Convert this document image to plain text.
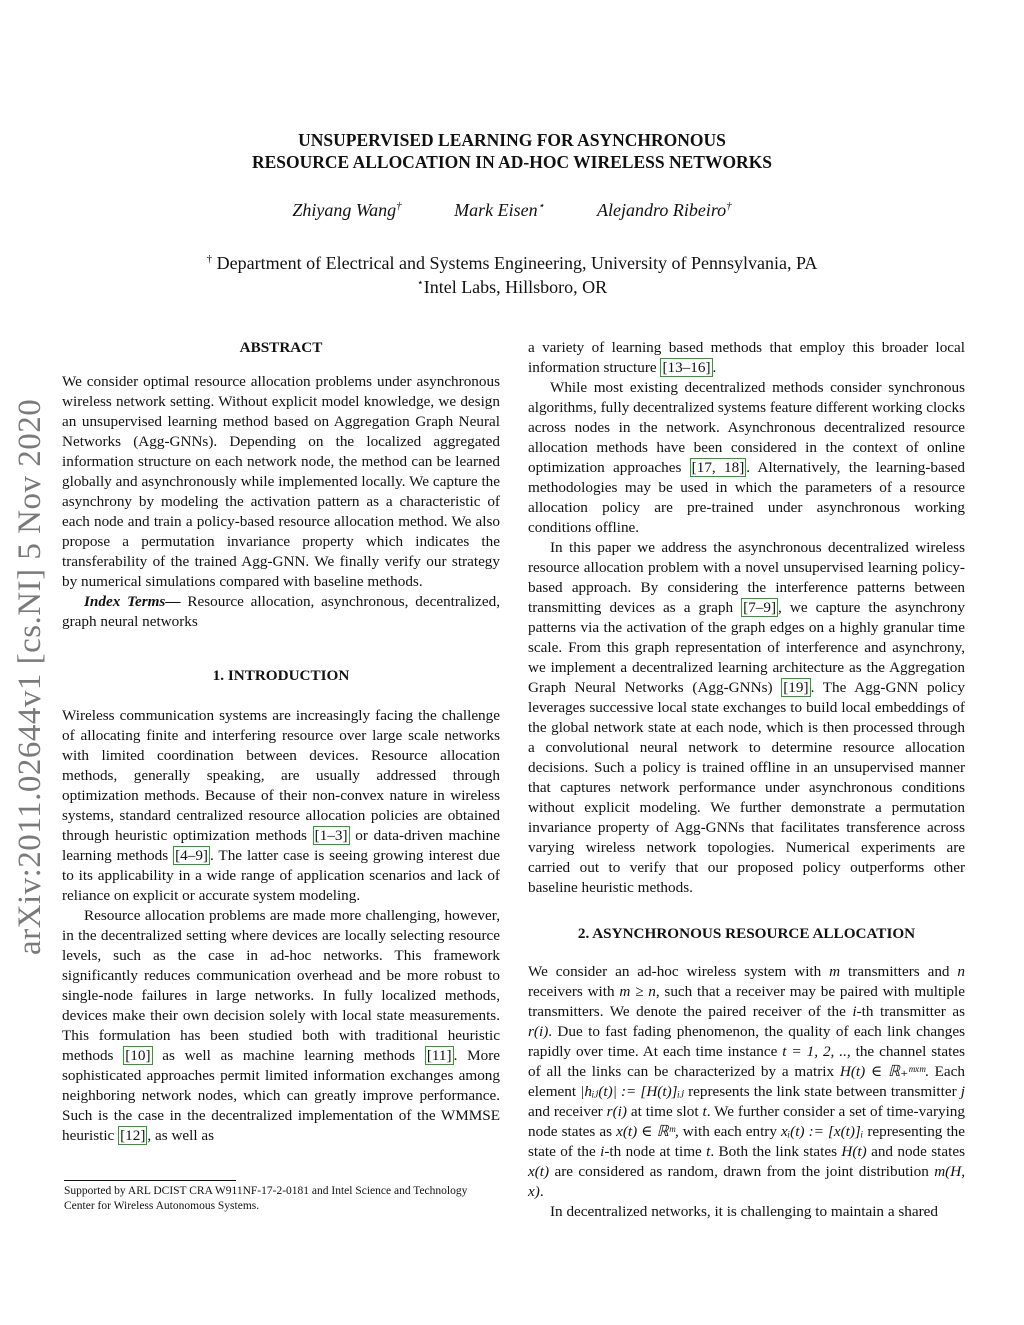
UNSUPERVISED LEARNING FOR ASYNCHRONOUS
RESOURCE ALLOCATION IN AD-HOC WIRELESS NETWORKS
Zhiyang Wang†	Mark Eisen⋆	Alejandro Ribeiro†
† Department of Electrical and Systems Engineering, University of Pennsylvania, PA
⋆Intel Labs, Hillsboro, OR
arXiv:2011.02644v1 [cs.NI] 5 Nov 2020

ABSTRACT

We consider optimal resource allocation problems under asynchronous wireless network setting. Without explicit model knowledge, we design an unsupervised learning method based on Aggregation Graph Neural Networks (Agg-GNNs). Depending on the localized aggregated information structure on each network node, the method can be learned globally and asynchronously while implemented locally. We capture the asynchrony by modeling the activation pattern as a characteristic of each node and train a policy-based resource allocation method. We also propose a permutation invariance property which indicates the transferability of the trained Agg-GNN. We finally verify our strategy by numerical simulations compared with baseline methods.

Index Terms— Resource allocation, asynchronous, decentralized, graph neural networks

1. INTRODUCTION

Wireless communication systems are increasingly facing the challenge of allocating finite and interfering resource over large scale networks with limited coordination between devices. Resource allocation methods, generally speaking, are usually addressed through optimization methods. Because of their non-convex nature in wireless systems, standard centralized resource allocation policies are obtained through heuristic optimization methods [1–3] or data-driven machine learning methods [4–9] . The latter case is seeing growing interest due to its applicability in a wide range of application scenarios and lack of reliance on explicit or accurate system modeling.

Resource allocation problems are made more challenging, however, in the decentralized setting where devices are locally selecting resource levels, such as the case in ad-hoc networks. This framework significantly reduces communication overhead and be more robust to single-node failures in large networks. In fully localized methods, devices make their own decision solely with local state measurements. This formulation has been studied both with traditional heuristic methods [10] as well as machine learning methods [11] . More sophisticated approaches permit limited information exchanges among neighboring network nodes, which can greatly improve performance. Such is the case in the decentralized implementation of the WMMSE heuristic [12] , as well as

Supported by ARL DCIST CRA W911NF-17-2-0181 and Intel Science and Technology Center for Wireless Autonomous Systems.

a variety of learning based methods that employ this broader local information structure [13–16] .

While most existing decentralized methods consider synchronous algorithms, fully decentralized systems feature different working clocks across nodes in the network. Asynchronous decentralized resource allocation methods have been considered in the context of online optimization approaches [17, 18] . Alternatively, the learning-based methodologies may be used in which the parameters of a resource allocation policy are pre-trained under asynchronous working conditions offline.

In this paper we address the asynchronous decentralized wireless resource allocation problem with a novel unsupervised learning policy-based approach. By considering the interference patterns between transmitting devices as a graph [7–9] , we capture the asynchrony patterns via the activation of the graph edges on a highly granular time scale. From this graph representation of interference and asynchrony, we implement a decentralized learning architecture as the Aggregation Graph Neural Networks (Agg-GNNs) [19] . The Agg-GNN policy leverages successive local state exchanges to build local embeddings of the global network state at each node, which is then processed through a convolutional neural network to determine resource allocation decisions. Such a policy is trained offline in an unsupervised manner that captures network performance under asynchronous conditions without explicit modeling. We further demonstrate a permutation invariance property of Agg-GNNs that facilitates transference across varying wireless network topologies. Numerical experiments are carried out to verify that our proposed policy outperforms other baseline heuristic methods.

2. ASYNCHRONOUS RESOURCE ALLOCATION

We consider an ad-hoc wireless system with m transmitters and n receivers with m ≥ n, such that a receiver may be paired with multiple transmitters. We denote the paired receiver of the i-th transmitter as r(i). Due to fast fading phenomenon, the quality of each link changes rapidly over time. At each time instance t = 1, 2, .., the channel states of all the links can be characterized by a matrix H(t) ∈ ℝ₊ᵐˣᵐ. Each element |hᵢⱼ(t)| := [H(t)]ᵢⱼ represents the link state between transmitter j and receiver r(i) at time slot t. We further consider a set of time-varying node states as x(t) ∈ ℝᵐ, with each entry xᵢ(t) := [x(t)]ᵢ representing the state of the i-th node at time t. Both the link states H(t) and node states x(t) are considered as random, drawn from the joint distribution m(H, x).

In decentralized networks, it is challenging to maintain a shared
